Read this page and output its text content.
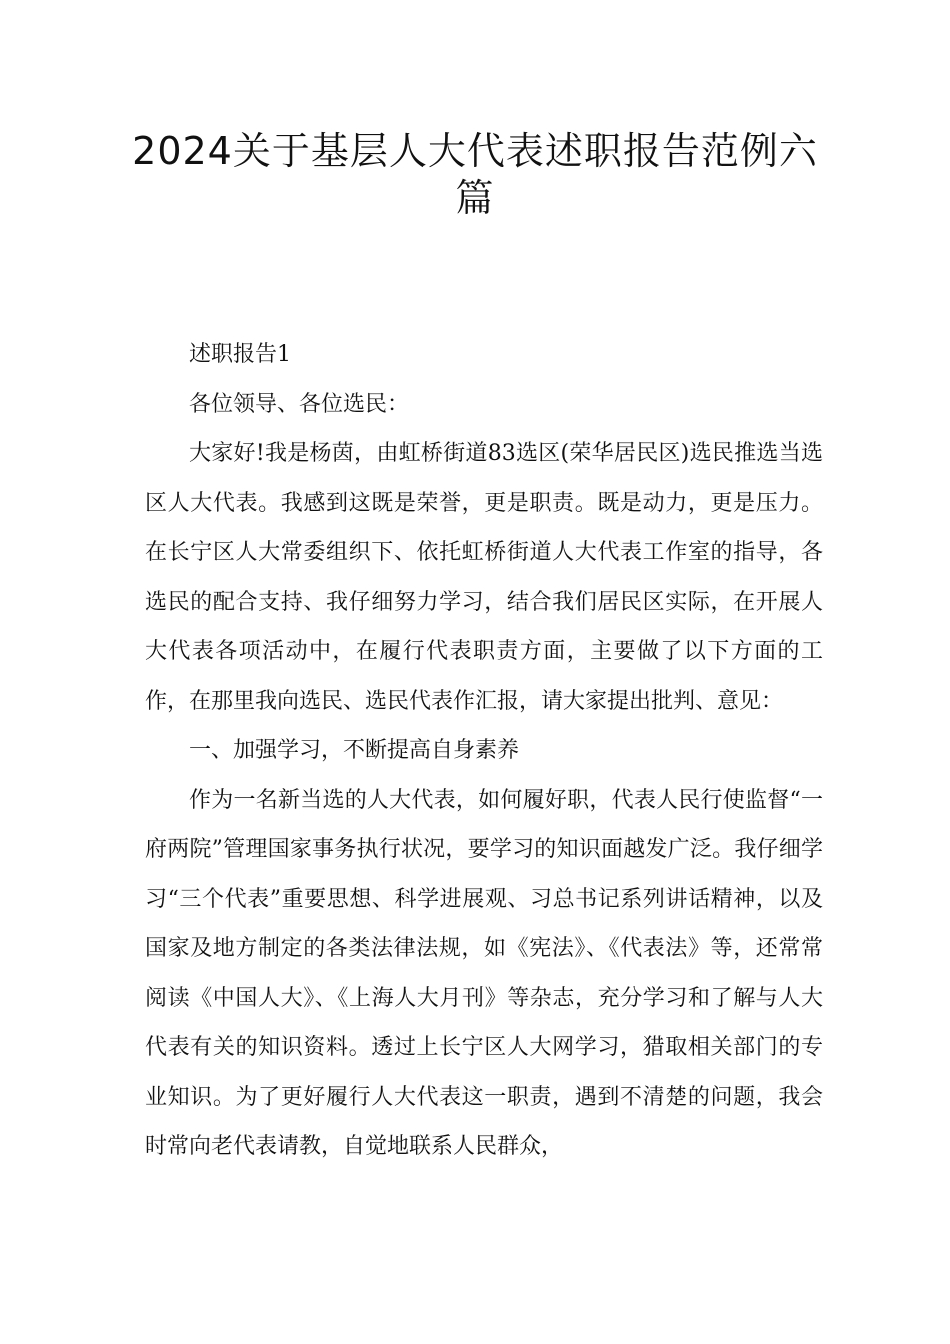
2024关于基层人大代表述职报告范例六篇

述职报告1

各位领导、各位选民：

大家好!我是杨茵，由虹桥街道83选区(荣华居民区)选民推选当选区人大代表。我感到这既是荣誉，更是职责。既是动力，更是压力。在长宁区人大常委组织下、依托虹桥街道人大代表工作室的指导，各选民的配合支持、我仔细努力学习，结合我们居民区实际，在开展人大代表各项活动中，在履行代表职责方面，主要做了以下方面的工作，在那里我向选民、选民代表作汇报，请大家提出批判、意见：

一、加强学习，不断提高自身素养

作为一名新当选的人大代表，如何履好职，代表人民行使监督“一府两院”管理国家事务执行状况，要学习的知识面越发广泛。我仔细学习“三个代表”重要思想、科学进展观、习总书记系列讲话精神，以及国家及地方制定的各类法律法规，如《宪法》、《代表法》等，还常常阅读《中国人大》、《上海人大月刊》等杂志，充分学习和了解与人大代表有关的知识资料。透过上长宁区人大网学习，猎取相关部门的专业知识。为了更好履行人大代表这一职责，遇到不清楚的问题，我会时常向老代表请教，自觉地联系人民群众，
